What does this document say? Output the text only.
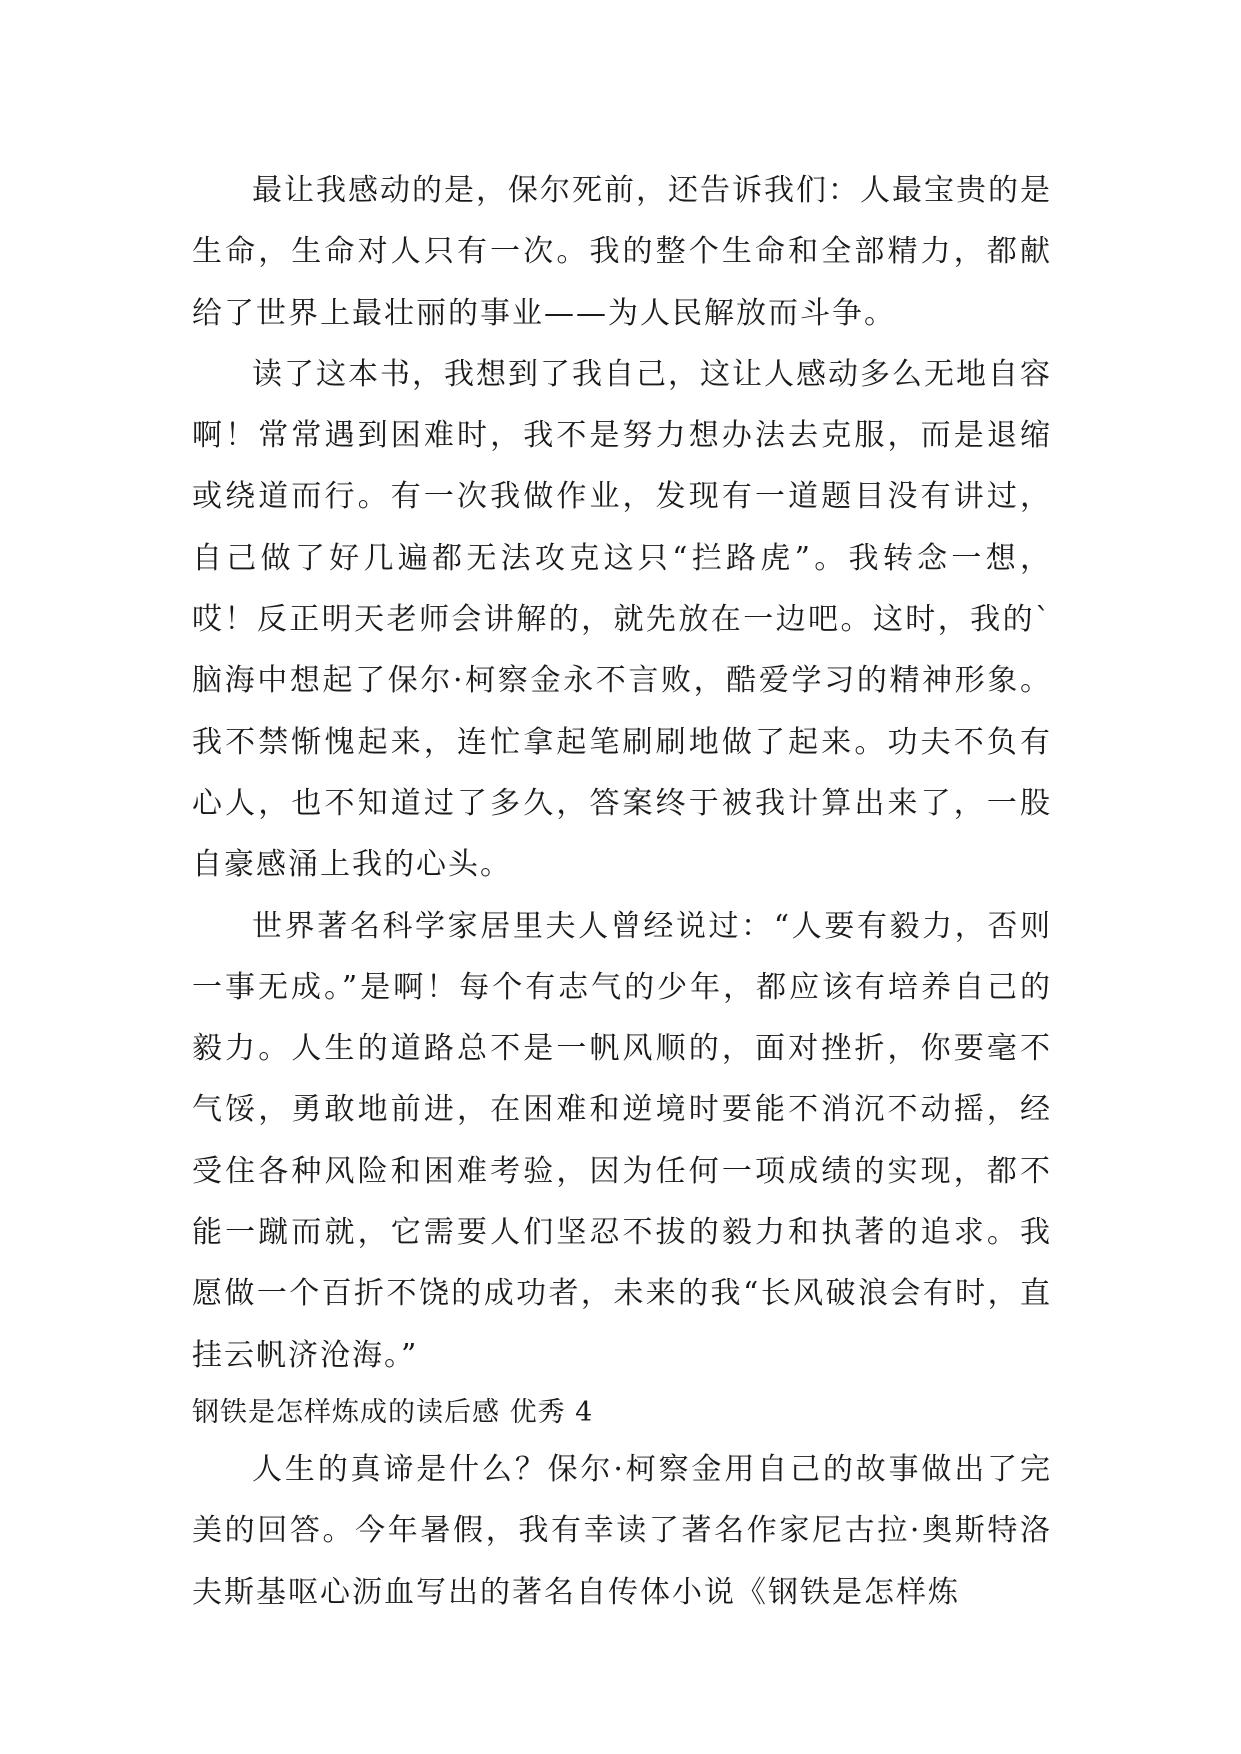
最让我感动的是，保尔死前，还告诉我们：人最宝贵的是生命，生命对人只有一次。我的整个生命和全部精力，都献给了世界上最壮丽的事业——为人民解放而斗争。

读了这本书，我想到了我自己，这让人感动多么无地自容啊！常常遇到困难时，我不是努力想办法去克服，而是退缩或绕道而行。有一次我做作业，发现有一道题目没有讲过，自己做了好几遍都无法攻克这只“拦路虎”。我转念一想，哎！反正明天老师会讲解的，就先放在一边吧。这时，我的`脑海中想起了保尔·柯察金永不言败，酷爱学习的精神形象。我不禁惭愧起来，连忙拿起笔刷刷地做了起来。功夫不负有心人，也不知道过了多久，答案终于被我计算出来了，一股自豪感涌上我的心头。

世界著名科学家居里夫人曾经说过：“人要有毅力，否则一事无成。”是啊！每个有志气的少年，都应该有培养自己的毅力。人生的道路总不是一帆风顺的，面对挫折，你要毫不气馁，勇敢地前进，在困难和逆境时要能不消沉不动摇，经受住各种风险和困难考验，因为任何一项成绩的实现，都不能一蹴而就，它需要人们坚忍不拔的毅力和执著的追求。我愿做一个百折不饶的成功者，未来的我“长风破浪会有时，直挂云帆济沧海。”

钢铁是怎样炼成的读后感 优秀 4

人生的真谛是什么？保尔·柯察金用自己的故事做出了完美的回答。今年暑假，我有幸读了著名作家尼古拉·奥斯特洛夫斯基呕心沥血写出的著名自传体小说《钢铁是怎样炼
